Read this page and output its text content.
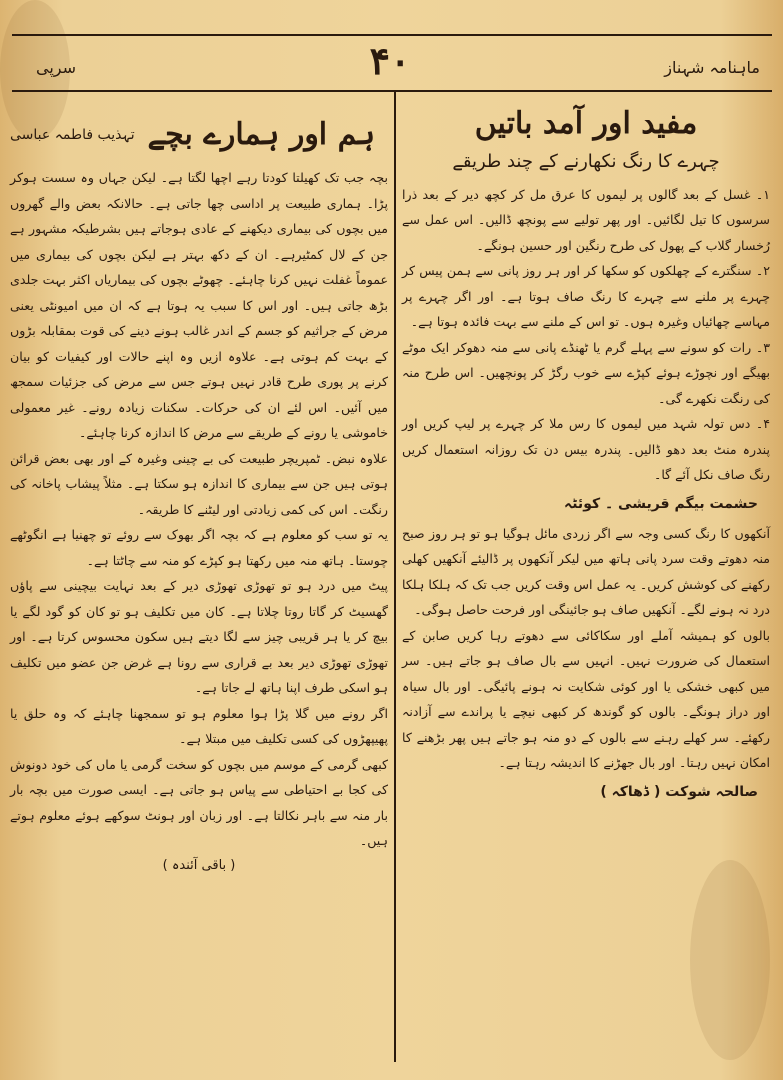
سرپی	۴۰	ماہنامہ شہناز
مفید اور آمد باتیں
چہرے کا رنگ نکھارنے کے چند طریقے

۱۔ غسل کے بعد گالوں پر لیموں کا عرق مل کر کچھ دیر کے بعد ذرا سرسوں کا تیل لگائیں۔ اور پھر تولیے سے پونچھ ڈالیں۔ اس عمل سے رُخسار گلاب کے پھول کی طرح رنگین اور حسین ہونگے۔

۲۔ سنگترے کے چھلکوں کو سکھا کر اور ہر روز پانی سے ہمن پیس کر چہرے پر ملنے سے چہرے کا رنگ صاف ہوتا ہے۔ اور اگر چہرے پر مہاسے چھائیاں وغیرہ ہوں۔ تو اس کے ملنے سے بہت فائدہ ہوتا ہے۔

۳۔ رات کو سونے سے پہلے گرم یا ٹھنڈے پانی سے منہ دھوکر ایک موٹے بھیگے اور نچوڑے ہوئے کپڑے سے خوب رگڑ کر پونچھیں۔ اس طرح منہ کی رنگت نکھرے گی۔

۴۔ دس تولہ شہد میں لیموں کا رس ملا کر چہرے پر لیپ کریں اور پندرہ منٹ بعد دھو ڈالیں۔ پندرہ بیس دن تک روزانہ استعمال کریں رنگ صاف نکل آئے گا۔

حشمت بیگم قریشی ۔ کوئٹہ

آنکھوں کا رنگ کسی وجہ سے اگر زردی مائل ہوگیا ہو تو ہر روز صبح منہ دھوتے وقت سرد پانی ہاتھ میں لیکر آنکھوں پر ڈالیئے آنکھیں کھلی رکھنے کی کوشش کریں۔ یہ عمل اس وقت کریں جب تک کہ ہلکا ہلکا درد نہ ہونے لگے۔ آنکھیں صاف ہو جائینگی اور فرحت حاصل ہوگی۔

بالوں کو ہمیشہ آملے اور سکاکائی سے دھوتے رہا کریں صابن کے استعمال کی ضرورت نہیں۔ انہیں سے بال صاف ہو جاتے ہیں۔ سر میں کبھی خشکی یا اور کوئی شکایت نہ ہونے پائیگی۔ اور بال سیاہ اور دراز ہونگے۔ بالوں کو گوندھ کر کبھی نیچے یا پراندے سے آزادنہ رکھئے۔ سر کھلے رہنے سے بالوں کے دو منہ ہو جاتے ہیں پھر بڑھنے کا امکان نہیں رہتا۔ اور بال جھڑنے کا اندیشہ رہتا ہے۔

صالحہ شوکت ( ڈھاکہ )
ہم اور ہمارے بچے
تہذیب فاطمہ عباسی

بچہ جب تک کھیلتا کودتا رہے اچھا لگتا ہے۔ لیکن جہاں وہ سست ہوکر پڑا۔ ہماری طبیعت پر اداسی چھا جاتی ہے۔ حالانکہ بعض والے گھروں میں بچوں کی بیماری دیکھنے کے عادی ہوجاتے ہیں بشرطیکہ مشہور ہے جن کے لال کمٹیرہے۔ ان کے دکھ بہتر ہے لیکن بچوں کی بیماری میں عموماً غفلت نہیں کرنا چاہئے۔ چھوٹے بچوں کی بیماریاں اکثر بہت جلدی بڑھ جاتی ہیں۔ اور اس کا سبب یہ ہوتا ہے کہ ان میں امیونٹی یعنی مرض کے جراثیم کو جسم کے اندر غالب ہونے دینے کی قوت بمقابلہ بڑوں کے بہت کم ہوتی ہے۔ علاوہ ازیں وہ اپنے حالات اور کیفیات کو بیان کرنے پر پوری طرح قادر نہیں ہوتے جس سے مرض کی جزئیات سمجھ میں آئیں۔ اس لئے ان کی حرکات۔ سکنات زیادہ رونے۔ غیر معمولی خاموشی یا رونے کے طریقے سے مرض کا اندازہ کرنا چاہئے۔

علاوہ نبض۔ ٹمپریچر طبیعت کی بے چینی وغیرہ کے اور بھی بعض قرائن ہوتی ہیں جن سے بیماری کا اندازہ ہو سکتا ہے۔ مثلاً پیشاب پاخانہ کی رنگت۔ اس کی کمی زیادتی اور لیٹنے کا طریقہ۔

یہ تو سب کو معلوم ہے کہ بچہ اگر بھوک سے روئے تو چھنیا ہے انگوٹھے چوستا۔ ہاتھ منہ میں رکھتا ہو کپڑے کو منہ سے چاٹتا ہے۔

پیٹ میں درد ہو تو تھوڑی تھوڑی دیر کے بعد نہایت بیچینی سے پاؤں گھسیٹ کر گاتا روتا چلاتا ہے۔ کان میں تکلیف ہو تو کان کو گود لگے یا بیچ کر یا ہر قریبی چیز سے لگا دیتے ہیں سکون محسوس کرتا ہے۔ اور تھوڑی تھوڑی دیر بعد بے قراری سے رونا ہے غرض جن عضو میں تکلیف ہو اسکی طرف اپنا ہاتھ لے جاتا ہے۔

اگر رونے میں گلا پڑا ہوا معلوم ہو تو سمجھنا چاہئے کہ وہ حلق یا پھیپھڑوں کی کسی تکلیف میں مبتلا ہے۔

کبھی گرمی کے موسم میں بچوں کو سخت گرمی یا ماں کی خود دونوش کی کجا بے احتیاطی سے پیاس ہو جاتی ہے۔ ایسی صورت میں بچہ بار بار منہ سے باہر نکالتا ہے۔ اور زبان اور ہونٹ سوکھے ہوئے معلوم ہوتے ہیں۔

( باقی آئندہ )
